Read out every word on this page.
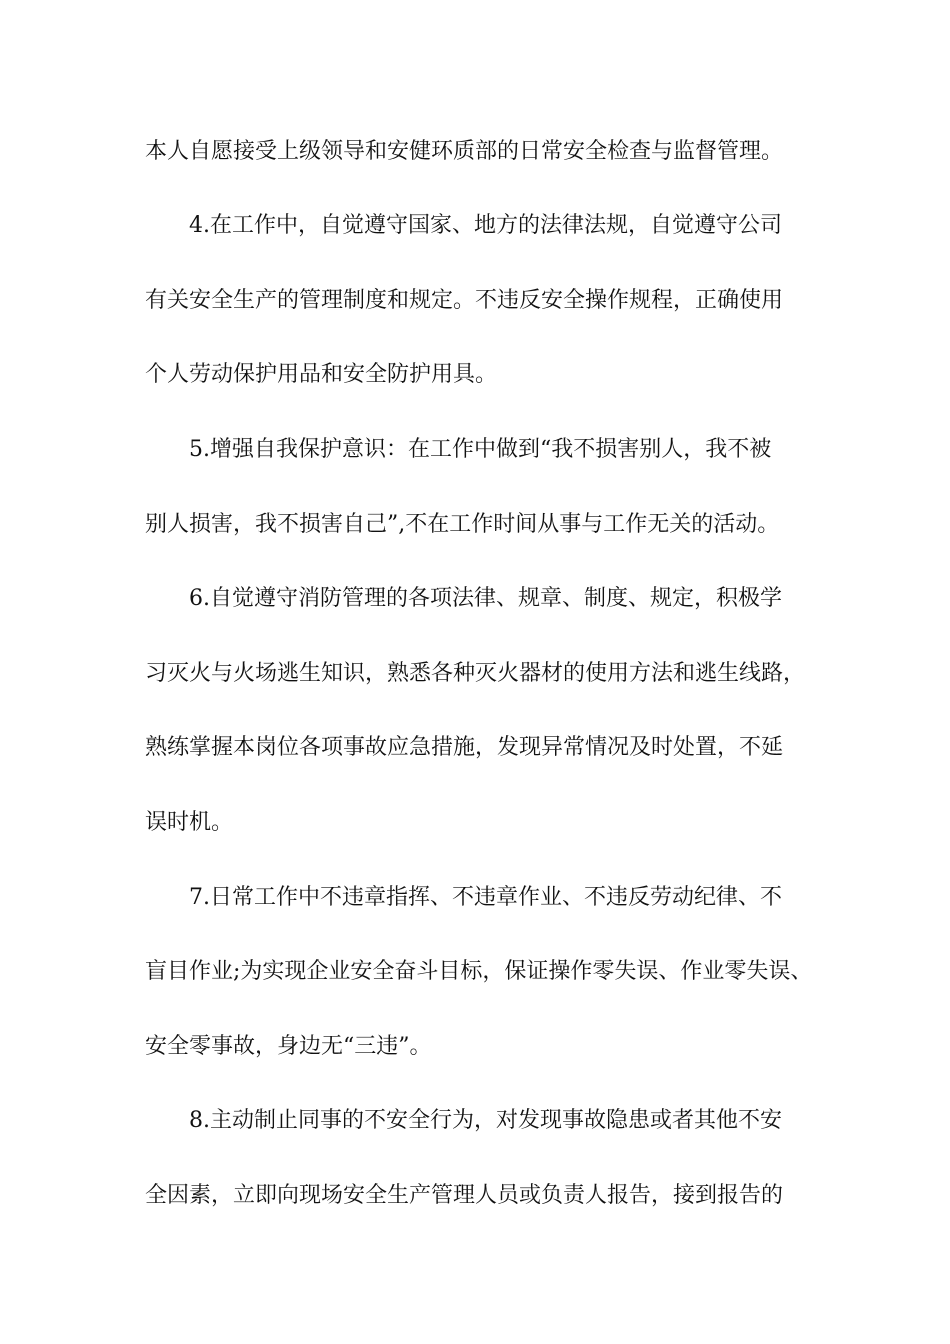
本人自愿接受上级领导和安健环质部的日常安全检查与监督管理。
4.在工作中，自觉遵守国家、地方的法律法规，自觉遵守公司
有关安全生产的管理制度和规定。不违反安全操作规程，正确使用
个人劳动保护用品和安全防护用具。
5.增强自我保护意识：在工作中做到“我不损害别人，我不被
别人损害，我不损害自己”,不在工作时间从事与工作无关的活动。
6.自觉遵守消防管理的各项法律、规章、制度、规定，积极学
习灭火与火场逃生知识，熟悉各种灭火器材的使用方法和逃生线路，
熟练掌握本岗位各项事故应急措施，发现异常情况及时处置，不延
误时机。
7.日常工作中不违章指挥、不违章作业、不违反劳动纪律、不
盲目作业;为实现企业安全奋斗目标，保证操作零失误、作业零失误、
安全零事故，身边无“三违”。
8.主动制止同事的不安全行为，对发现事故隐患或者其他不安
全因素，立即向现场安全生产管理人员或负责人报告，接到报告的
